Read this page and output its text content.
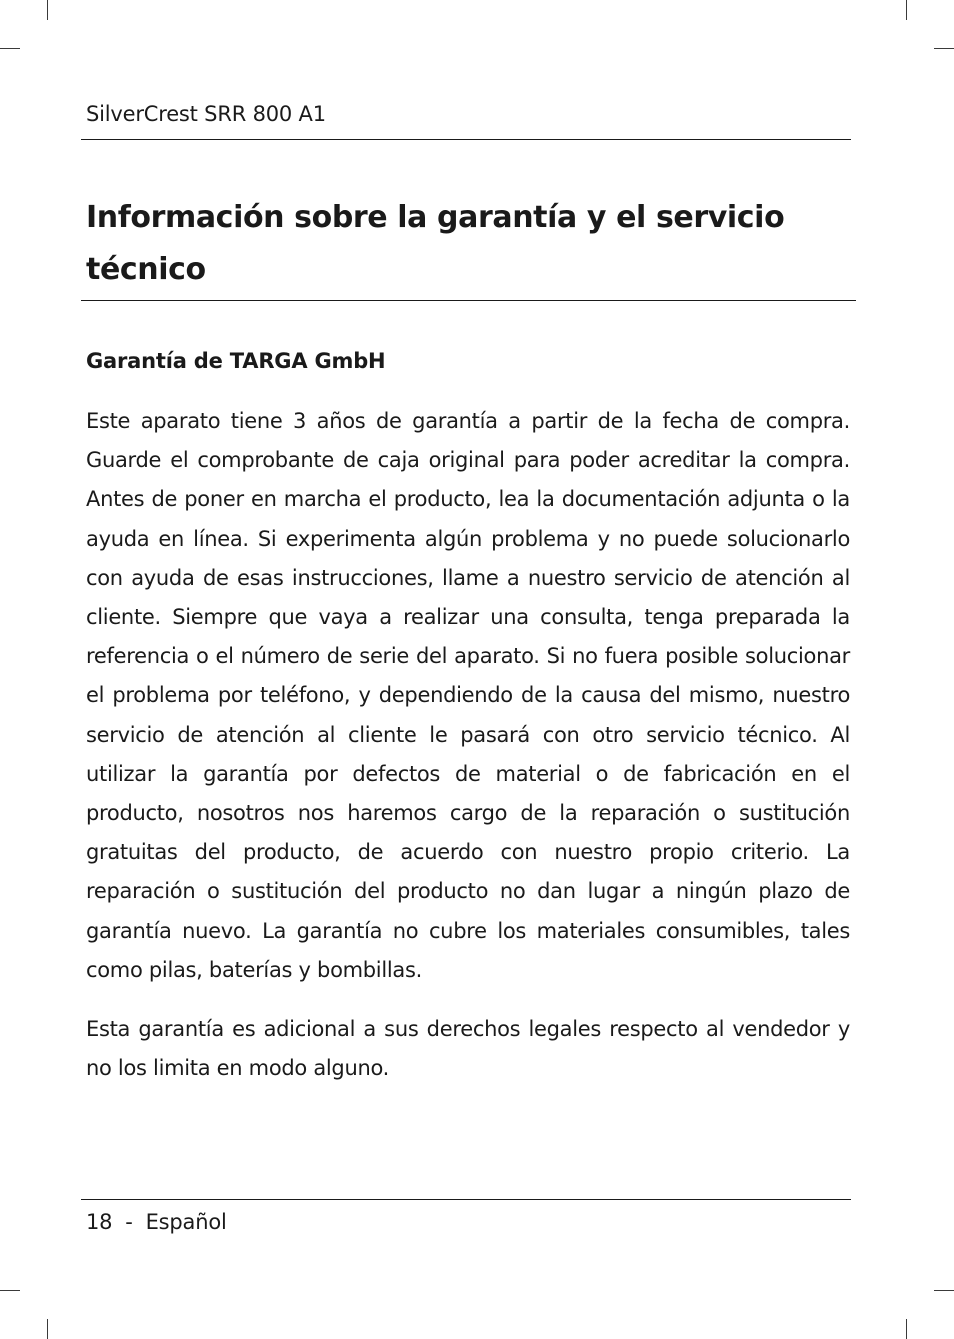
SilverCrest SRR 800 A1
Información sobre la garantía y el servicio técnico
Garantía de TARGA GmbH

Este aparato tiene 3 años de garantía a partir de la fecha de compra. Guarde el comprobante de caja original para poder acreditar la compra. Antes de poner en marcha el producto, lea la documentación adjunta o la ayuda en línea. Si experimenta algún problema y no puede solucionarlo con ayuda de esas instrucciones, llame a nuestro servicio de atención al cliente. Siempre que vaya a realizar una consulta, tenga preparada la referencia o el número de serie del aparato. Si no fuera posible solucionar el problema por teléfono, y dependiendo de la causa del mismo, nuestro servicio de atención al cliente le pasará con otro servicio técnico. Al utilizar la garantía por defectos de material o de fabricación en el producto, nosotros nos haremos cargo de la reparación o sustitución gratuitas del producto, de acuerdo con nuestro propio criterio. La reparación o sustitución del producto no dan lugar a ningún plazo de garantía nuevo. La garantía no cubre los materiales consumibles, tales como pilas, baterías y bombillas.

Esta garantía es adicional a sus derechos legales respecto al vendedor y no los limita en modo alguno.

18  -  Español
